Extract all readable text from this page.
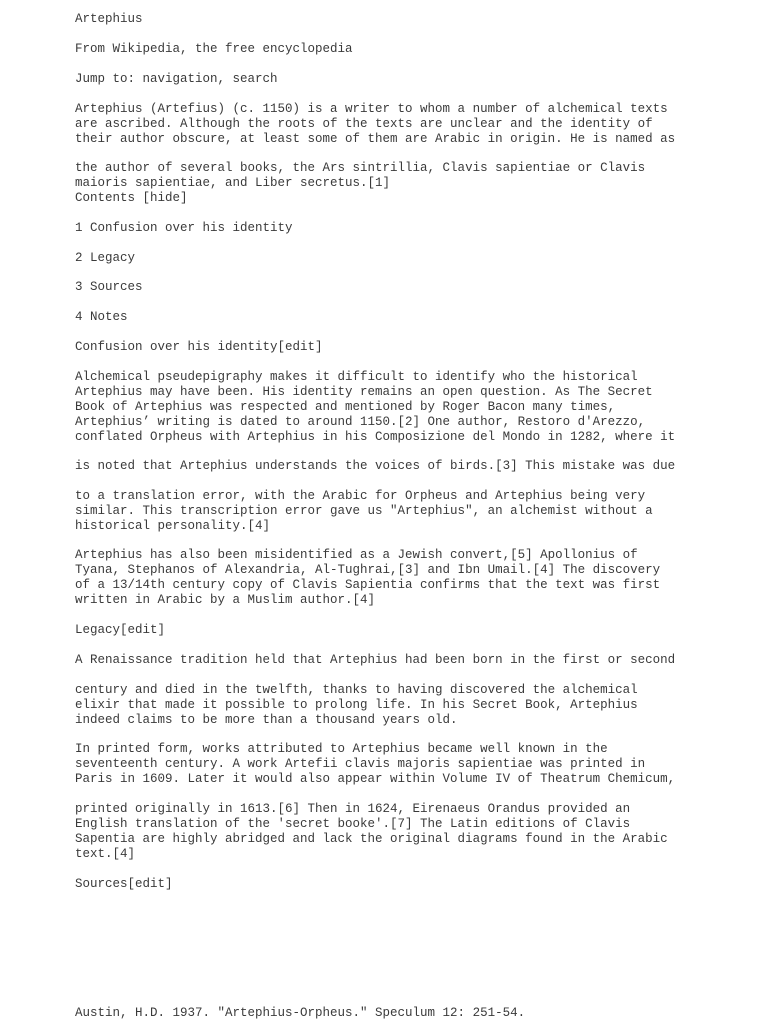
Artephius

From Wikipedia, the free encyclopedia

Jump to: navigation, search

Artephius (Artefius) (c. 1150) is a writer to whom a number of alchemical texts
are ascribed. Although the roots of the texts are unclear and the identity of
their author obscure, at least some of them are Arabic in origin. He is named as

the author of several books, the Ars sintrillia, Clavis sapientiae or Clavis
maioris sapientiae, and Liber secretus.[1]
Contents [hide]

1 Confusion over his identity

2 Legacy

3 Sources

4 Notes

Confusion over his identity[edit]

Alchemical pseudepigraphy makes it difficult to identify who the historical
Artephius may have been. His identity remains an open question. As The Secret
Book of Artephius was respected and mentioned by Roger Bacon many times,
Artephius’ writing is dated to around 1150.[2] One author, Restoro d'Arezzo,
conflated Orpheus with Artephius in his Composizione del Mondo in 1282, where it

is noted that Artephius understands the voices of birds.[3] This mistake was due

to a translation error, with the Arabic for Orpheus and Artephius being very
similar. This transcription error gave us "Artephius", an alchemist without a
historical personality.[4]

Artephius has also been misidentified as a Jewish convert,[5] Apollonius of
Tyana, Stephanos of Alexandria, Al-Tughrai,[3] and Ibn Umail.[4] The discovery
of a 13/14th century copy of Clavis Sapientia confirms that the text was first
written in Arabic by a Muslim author.[4]

Legacy[edit]

A Renaissance tradition held that Artephius had been born in the first or second

century and died in the twelfth, thanks to having discovered the alchemical
elixir that made it possible to prolong life. In his Secret Book, Artephius
indeed claims to be more than a thousand years old.

In printed form, works attributed to Artephius became well known in the
seventeenth century. A work Artefii clavis majoris sapientiae was printed in
Paris in 1609. Later it would also appear within Volume IV of Theatrum Chemicum,

printed originally in 1613.[6] Then in 1624, Eirenaeus Orandus provided an
English translation of the 'secret booke'.[7] The Latin editions of Clavis
Sapentia are highly abridged and lack the original diagrams found in the Arabic
text.[4]

Sources[edit]

Austin, H.D. 1937. "Artephius-Orpheus." Speculum 12: 251-54.
